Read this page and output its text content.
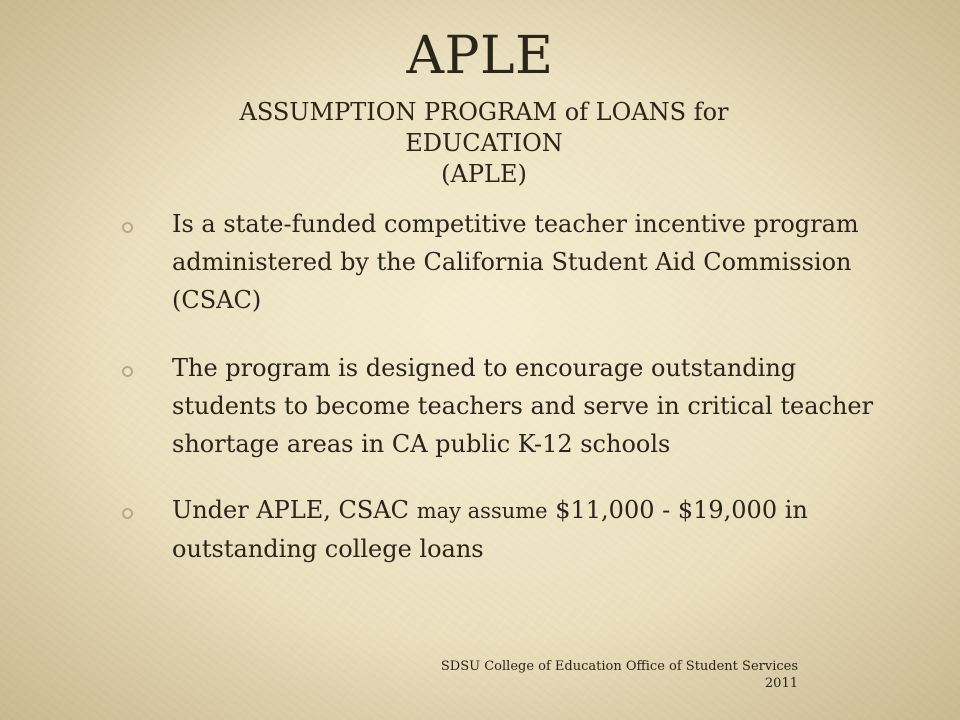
APLE
ASSUMPTION PROGRAM of LOANS for
EDUCATION
(APLE)
Is a state-funded competitive teacher incentive program administered by the California Student Aid Commission (CSAC)
The program is designed to encourage outstanding students to become teachers and serve in critical teacher shortage areas in CA public K-12 schools
Under APLE, CSAC may assume $11,000 - $19,000 in outstanding college loans
SDSU College of Education Office of Student Services
2011
